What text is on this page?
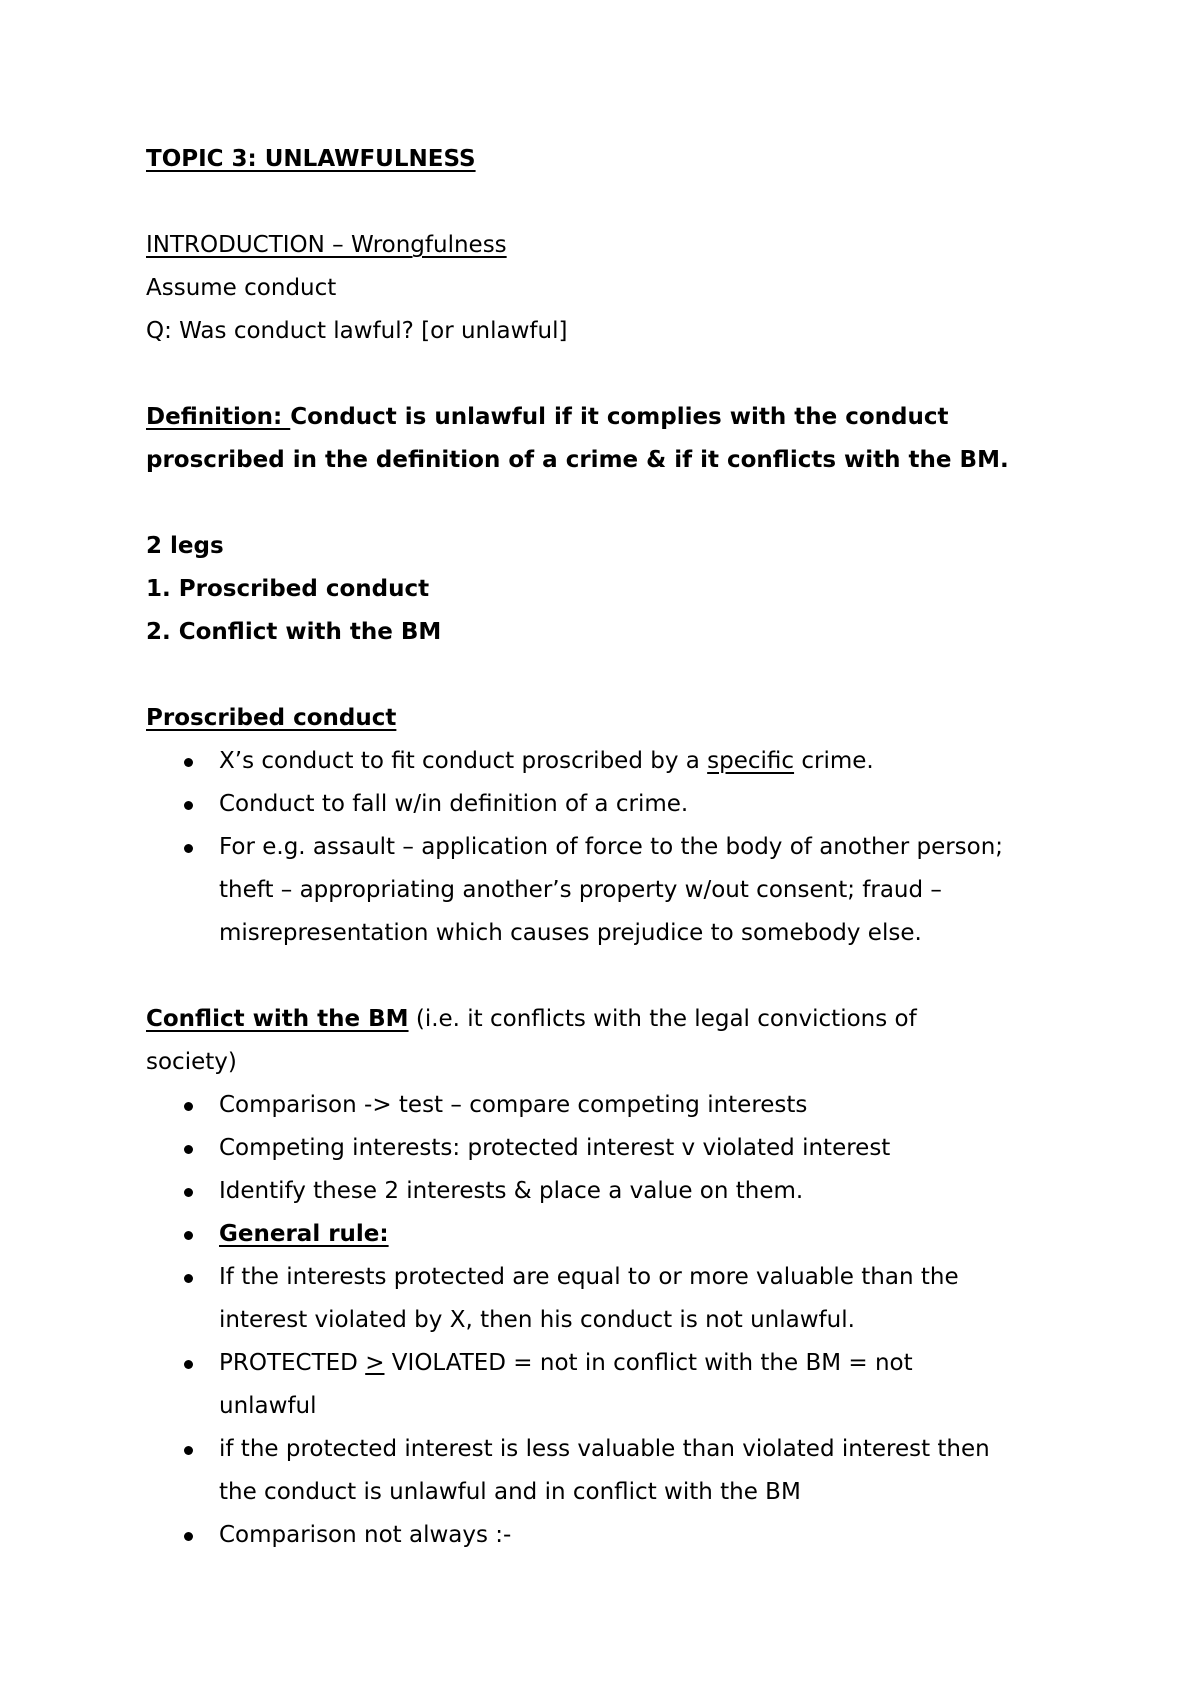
TOPIC 3: UNLAWFULNESS

INTRODUCTION – Wrongfulness

Assume conduct

Q: Was conduct lawful? [or unlawful]

Definition: Conduct is unlawful if it complies with the conduct

proscribed in the definition of a crime & if it conflicts with the BM.

2 legs

1. Proscribed conduct

2. Conflict with the BM

Proscribed conduct

X’s conduct to fit conduct proscribed by a specific crime.
Conduct to fall w/in definition of a crime.
For e.g. assault – application of force to the body of another person;
theft – appropriating another’s property w/out consent; fraud –
misrepresentation which causes prejudice to somebody else.

Conflict with the BM (i.e. it conflicts with the legal convictions of

society)

Comparison -> test – compare competing interests
Competing interests: protected interest v violated interest
Identify these 2 interests & place a value on them.
General rule:
If the interests protected are equal to or more valuable than the
interest violated by X, then his conduct is not unlawful.
PROTECTED > VIOLATED = not in conflict with the BM = not
unlawful
if the protected interest is less valuable than violated interest then
the conduct is unlawful and in conflict with the BM
Comparison not always :-
